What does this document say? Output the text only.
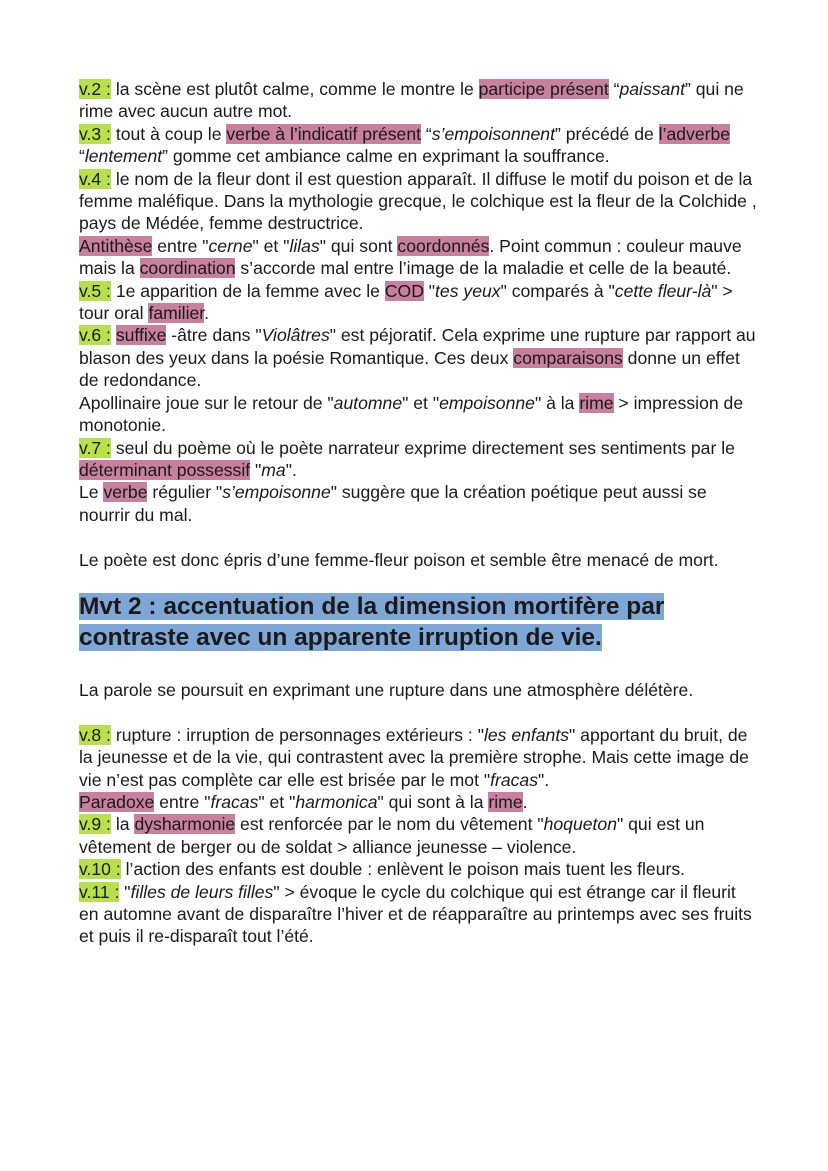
v.2 : la scène est plutôt calme, comme le montre le participe présent “paissant” qui ne rime avec aucun autre mot.

v.3 : tout à coup le verbe à l’indicatif présent “s’empoisonnent” précédé de l’adverbe “lentement” gomme cet ambiance calme en exprimant la souffrance.

v.4 : le nom de la fleur dont il est question apparaît. Il diffuse le motif du poison et de la femme maléfique. Dans la mythologie grecque, le colchique est la fleur de la Colchide , pays de Médée, femme destructrice.

Antithèse entre "cerne" et "lilas" qui sont coordonnés. Point commun : couleur mauve mais la coordination s’accorde mal entre l’image de la maladie et celle de la beauté.

v.5 : 1e apparition de la femme avec le COD "tes yeux" comparés à "cette fleur-là" > tour oral familier.

v.6 : suffixe -âtre dans "Violâtres" est péjoratif. Cela exprime une rupture par rapport au blason des yeux dans la poésie Romantique. Ces deux comparaisons donne un effet de redondance.

Apollinaire joue sur le retour de "automne" et "empoisonne" à la rime > impression de monotonie.

v.7 : seul du poème où le poète narrateur exprime directement ses sentiments par le déterminant possessif "ma".

Le verbe régulier "s’empoisonne" suggère que la création poétique peut aussi se nourrir du mal.

Le poète est donc épris d’une femme-fleur poison et semble être menacé de mort.

Mvt 2 : accentuation de la dimension mortifère par contraste avec un apparente irruption de vie.

La parole se poursuit en exprimant une rupture dans une atmosphère délétère.

v.8 : rupture : irruption de personnages extérieurs : "les enfants" apportant du bruit, de la jeunesse et de la vie, qui contrastent avec la première strophe. Mais cette image de vie n’est pas complète car elle est brisée par le mot "fracas".

Paradoxe entre "fracas" et "harmonica" qui sont à la rime.

v.9 : la dysharmonie est renforcée par le nom du vêtement "hoqueton" qui est un vêtement de berger ou de soldat > alliance jeunesse – violence.

v.10 : l’action des enfants est double : enlèvent le poison mais tuent les fleurs.

v.11 : "filles de leurs filles" > évoque le cycle du colchique qui est étrange car il fleurit en automne avant de disparaître l’hiver et de réapparaître au printemps avec ses fruits et puis il re-disparaît tout l’été.
